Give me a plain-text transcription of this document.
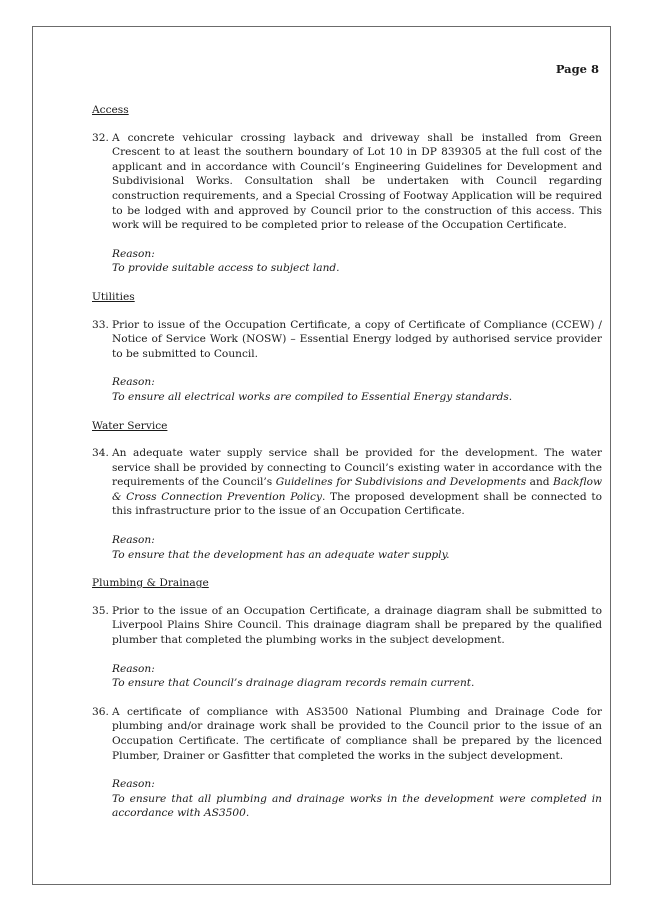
Page 8
Access
32. A concrete vehicular crossing layback and driveway shall be installed from Green Crescent to at least the southern boundary of Lot 10 in DP 839305 at the full cost of the applicant and in accordance with Council’s Engineering Guidelines for Development and Subdivisional Works. Consultation shall be undertaken with Council regarding construction requirements, and a Special Crossing of Footway Application will be required to be lodged with and approved by Council prior to the construction of this access. This work will be required to be completed prior to release of the Occupation Certificate.
Reason:
To provide suitable access to subject land.
Utilities
33. Prior to issue of the Occupation Certificate, a copy of Certificate of Compliance (CCEW) / Notice of Service Work (NOSW) – Essential Energy lodged by authorised service provider to be submitted to Council.
Reason:
To ensure all electrical works are compiled to Essential Energy standards.
Water Service
34. An adequate water supply service shall be provided for the development. The water service shall be provided by connecting to Council’s existing water in accordance with the requirements of the Council’s Guidelines for Subdivisions and Developments and Backflow & Cross Connection Prevention Policy. The proposed development shall be connected to this infrastructure prior to the issue of an Occupation Certificate.
Reason:
To ensure that the development has an adequate water supply.
Plumbing & Drainage
35. Prior to the issue of an Occupation Certificate, a drainage diagram shall be submitted to Liverpool Plains Shire Council. This drainage diagram shall be prepared by the qualified plumber that completed the plumbing works in the subject development.
Reason:
To ensure that Council’s drainage diagram records remain current.
36. A certificate of compliance with AS3500 National Plumbing and Drainage Code for plumbing and/or drainage work shall be provided to the Council prior to the issue of an Occupation Certificate. The certificate of compliance shall be prepared by the licenced Plumber, Drainer or Gasfitter that completed the works in the subject development.
Reason:
To ensure that all plumbing and drainage works in the development were completed in accordance with AS3500.
